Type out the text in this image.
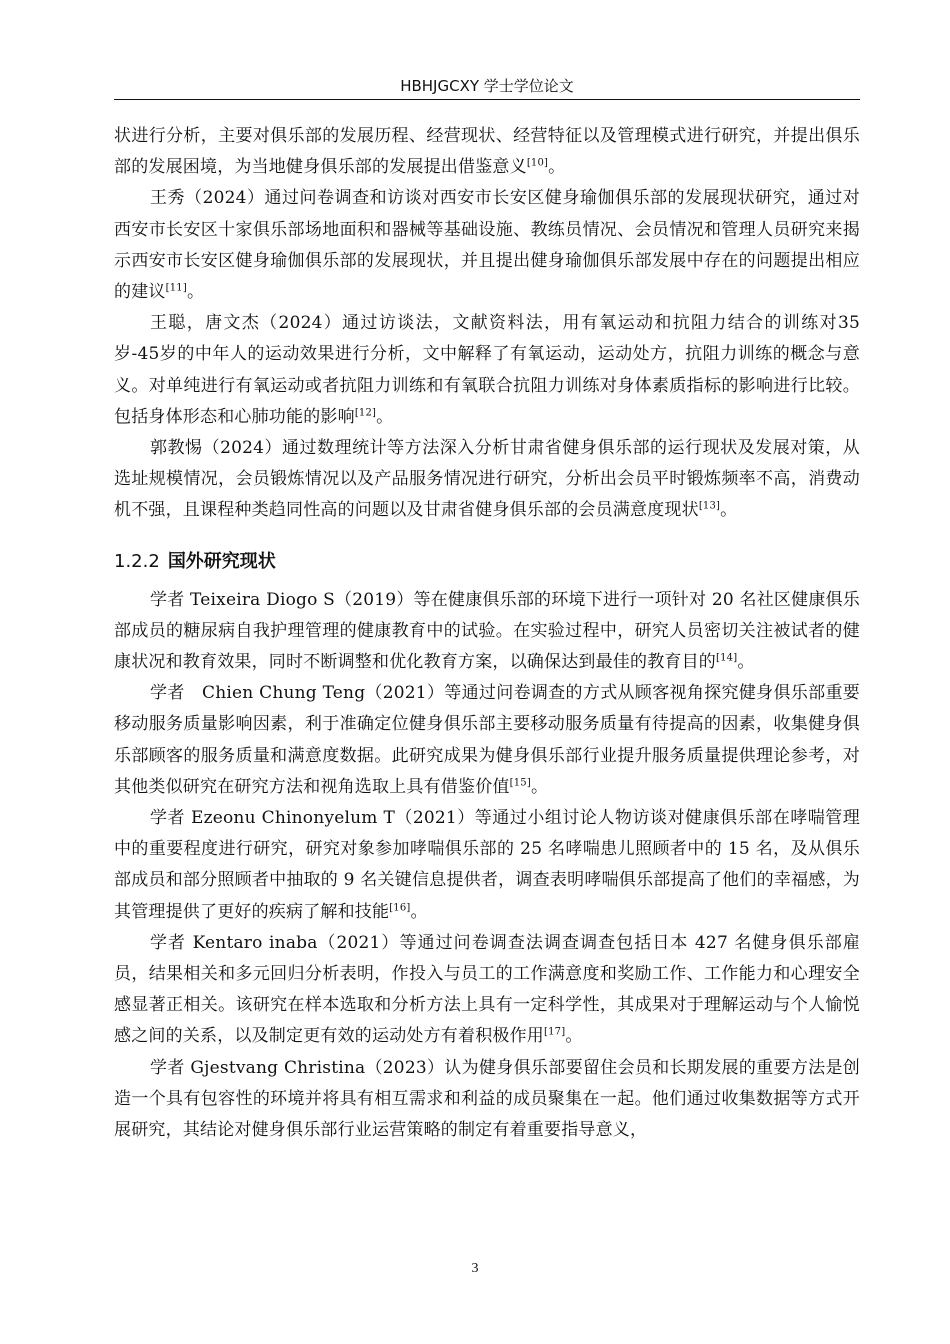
HBHJGCXY 学士学位论文

状进行分析，主要对俱乐部的发展历程、经营现状、经营特征以及管理模式进行研究，并提出俱乐部的发展困境，为当地健身俱乐部的发展提出借鉴意义[10]。

王秀（2024）通过问卷调查和访谈对西安市长安区健身瑜伽俱乐部的发展现状研究，通过对西安市长安区十家俱乐部场地面积和器械等基础设施、教练员情况、会员情况和管理人员研究来揭示西安市长安区健身瑜伽俱乐部的发展现状，并且提出健身瑜伽俱乐部发展中存在的问题提出相应的建议[11]。

王聪，唐文杰（2024）通过访谈法，文献资料法，用有氧运动和抗阻力结合的训练对35岁-45岁的中年人的运动效果进行分析，文中解释了有氧运动，运动处方，抗阻力训练的概念与意义。对单纯进行有氧运动或者抗阻力训练和有氧联合抗阻力训练对身体素质指标的影响进行比较。包括身体形态和心肺功能的影响[12]。

郭教惕（2024）通过数理统计等方法深入分析甘肃省健身俱乐部的运行现状及发展对策，从选址规模情况，会员锻炼情况以及产品服务情况进行研究，分析出会员平时锻炼频率不高，消费动机不强，且课程种类趋同性高的问题以及甘肃省健身俱乐部的会员满意度现状[13]。

1.2.2 国外研究现状

学者 Teixeira Diogo S（2019）等在健康俱乐部的环境下进行一项针对 20 名社区健康俱乐部成员的糖尿病自我护理管理的健康教育中的试验。在实验过程中，研究人员密切关注被试者的健康状况和教育效果，同时不断调整和优化教育方案，以确保达到最佳的教育目的[14]。

学者　Chien Chung Teng（2021）等通过问卷调查的方式从顾客视角探究健身俱乐部重要移动服务质量影响因素，利于准确定位健身俱乐部主要移动服务质量有待提高的因素，收集健身俱乐部顾客的服务质量和满意度数据。此研究成果为健身俱乐部行业提升服务质量提供理论参考，对其他类似研究在研究方法和视角选取上具有借鉴价值[15]。

学者 Ezeonu Chinonyelum T（2021）等通过小组讨论人物访谈对健康俱乐部在哮喘管理中的重要程度进行研究，研究对象参加哮喘俱乐部的 25 名哮喘患儿照顾者中的 15 名，及从俱乐部成员和部分照顾者中抽取的 9 名关键信息提供者，调查表明哮喘俱乐部提高了他们的幸福感，为其管理提供了更好的疾病了解和技能[16]。

学者 Kentaro inaba（2021）等通过问卷调查法调查调查包括日本 427 名健身俱乐部雇员，结果相关和多元回归分析表明，作投入与员工的工作满意度和奖励工作、工作能力和心理安全感显著正相关。该研究在样本选取和分析方法上具有一定科学性，其成果对于理解运动与个人愉悦感之间的关系，以及制定更有效的运动处方有着积极作用[17]。

学者 Gjestvang Christina（2023）认为健身俱乐部要留住会员和长期发展的重要方法是创造一个具有包容性的环境并将具有相互需求和利益的成员聚集在一起。他们通过收集数据等方式开展研究，其结论对健身俱乐部行业运营策略的制定有着重要指导意义，

3
